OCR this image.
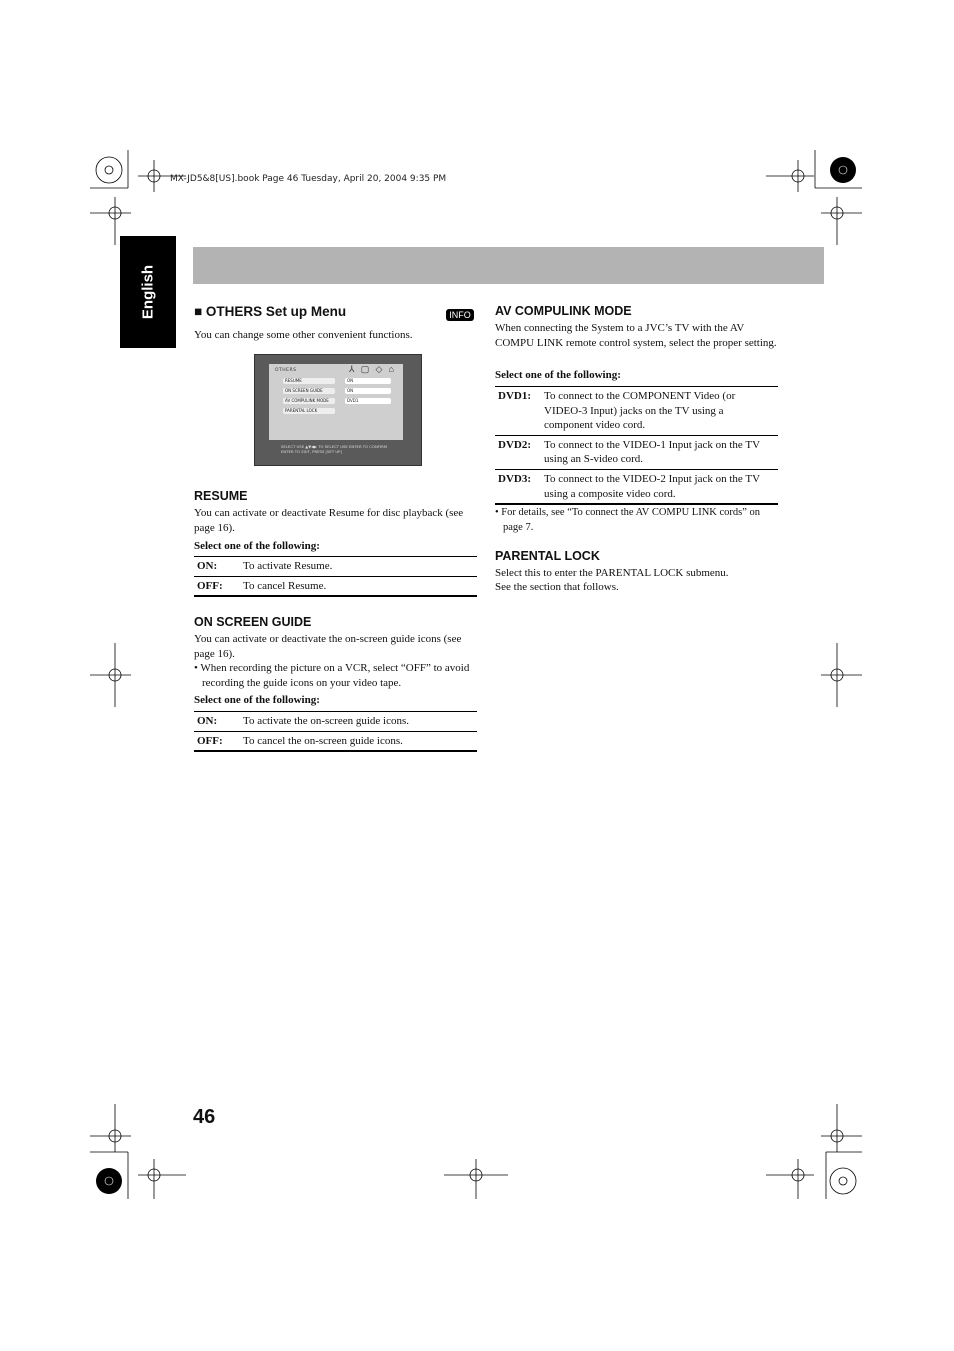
MX-JD5&8[US].book Page 46 Tuesday, April 20, 2004 9:35 PM
English	■ OTHERS Set up Menu	INFO
You can change some other convenient functions.
OTHERS	⅄ ▢ ◇ ⌂
RESUME	ON
ON SCREEN GUIDE	ON
AV COMPULINK MODE	DVD1
PARENTAL LOCK
SELECT USE ▲▼◀▶ TO SELECT USE ENTER TO CONFIRM
ENTER TO EXIT, PRESS [SET UP]
RESUME
You can activate or deactivate Resume for disc playback (see page 16).
Select one of the following:
ON:	To activate Resume.
OFF:	To cancel Resume.
ON SCREEN GUIDE
You can activate or deactivate the on-screen guide icons (see page 16).
• When recording the picture on a VCR, select “OFF” to avoid recording the guide icons on your video tape.
Select one of the following:
ON:	To activate the on-screen guide icons.
OFF:	To cancel the on-screen guide icons.
AV COMPULINK MODE
When connecting the System to a JVC’s TV with the AV COMPU LINK remote control system, select the proper setting.
Select one of the following:
DVD1:	To connect to the COMPONENT Video (or VIDEO-3 Input) jacks on the TV using a component video cord.
DVD2:	To connect to the VIDEO-1 Input jack on the TV using an S-video cord.
DVD3:	To connect to the VIDEO-2 Input jack on the TV using a composite video cord.
• For details, see “To connect the AV COMPU LINK cords” on page 7.
PARENTAL LOCK
Select this to enter the PARENTAL LOCK submenu.
See the section that follows.
46
